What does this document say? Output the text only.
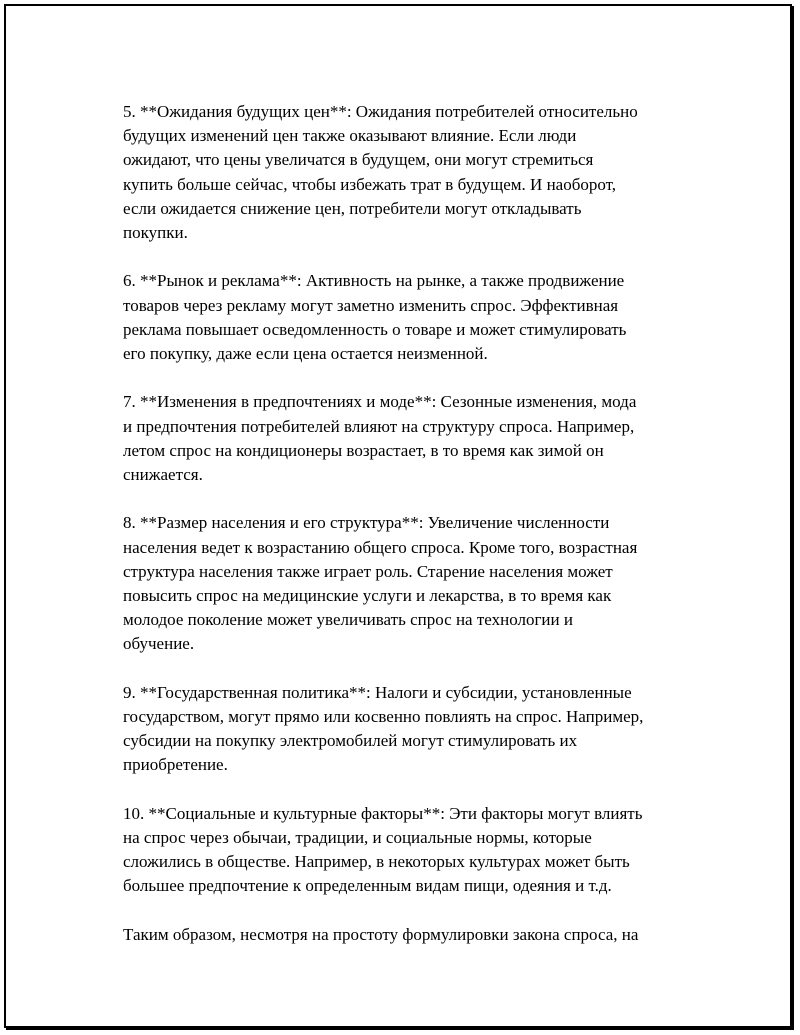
5. **Ожидания будущих цен**: Ожидания потребителей относительно
будущих изменений цен также оказывают влияние. Если люди
ожидают, что цены увеличатся в будущем, они могут стремиться
купить больше сейчас, чтобы избежать трат в будущем. И наоборот,
если ожидается снижение цен, потребители могут откладывать
покупки.

6. **Рынок и реклама**: Активность на рынке, а также продвижение
товаров через рекламу могут заметно изменить спрос. Эффективная
реклама повышает осведомленность о товаре и может стимулировать
его покупку, даже если цена остается неизменной.

7. **Изменения в предпочтениях и моде**: Сезонные изменения, мода
и предпочтения потребителей влияют на структуру спроса. Например,
летом спрос на кондиционеры возрастает, в то время как зимой он
снижается.

8. **Размер населения и его структура**: Увеличение численности
населения ведет к возрастанию общего спроса. Кроме того, возрастная
структура населения также играет роль. Старение населения может
повысить спрос на медицинские услуги и лекарства, в то время как
молодое поколение может увеличивать спрос на технологии и
обучение.

9. **Государственная политика**: Налоги и субсидии, установленные
государством, могут прямо или косвенно повлиять на спрос. Например,
субсидии на покупку электромобилей могут стимулировать их
приобретение.

10. **Социальные и культурные факторы**: Эти факторы могут влиять
на спрос через обычаи, традиции, и социальные нормы, которые
сложились в обществе. Например, в некоторых культурах может быть
большее предпочтение к определенным видам пищи, одеяния и т.д.

Таким образом, несмотря на простоту формулировки закона спроса, на
